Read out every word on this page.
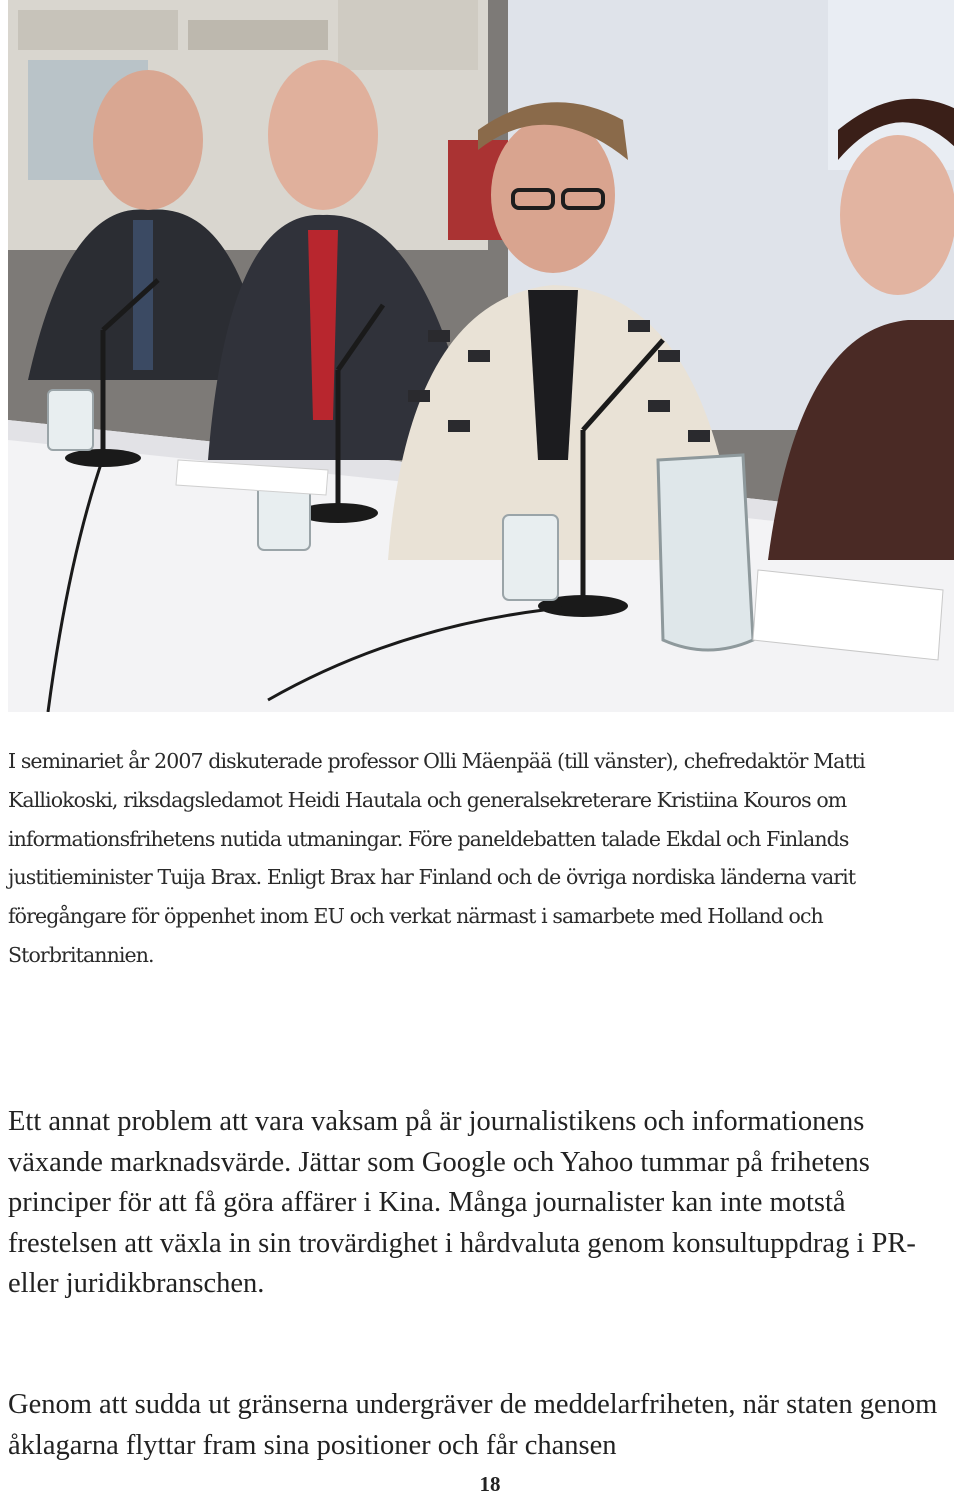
I seminariet år 2007 diskuterade professor Olli Mäenpää (till vänster), chefredaktör Matti Kalliokoski, riksdagsledamot Heidi Hautala och generalsekreterare Kristiina Kouros om informationsfrihetens nutida utmaningar. Före paneldebatten talade Ekdal och Finlands justitieminister Tuija Brax. Enligt Brax har Finland och de övriga nordiska länderna varit föregångare för öppenhet inom EU och verkat närmast i samarbete med Holland och Storbritannien.

Ett annat problem att vara vaksam på är journalistikens och informationens växande marknadsvärde. Jättar som Google och Yahoo tummar på frihetens principer för att få göra affärer i Kina. Många journalister kan inte motstå frestelsen att växla in sin trovärdighet i hårdvaluta genom konsultuppdrag i PR- eller juridikbranschen.

Genom att sudda ut gränserna undergräver de meddelarfriheten, när staten genom åklagarna flyttar fram sina positioner och får chansen

18
